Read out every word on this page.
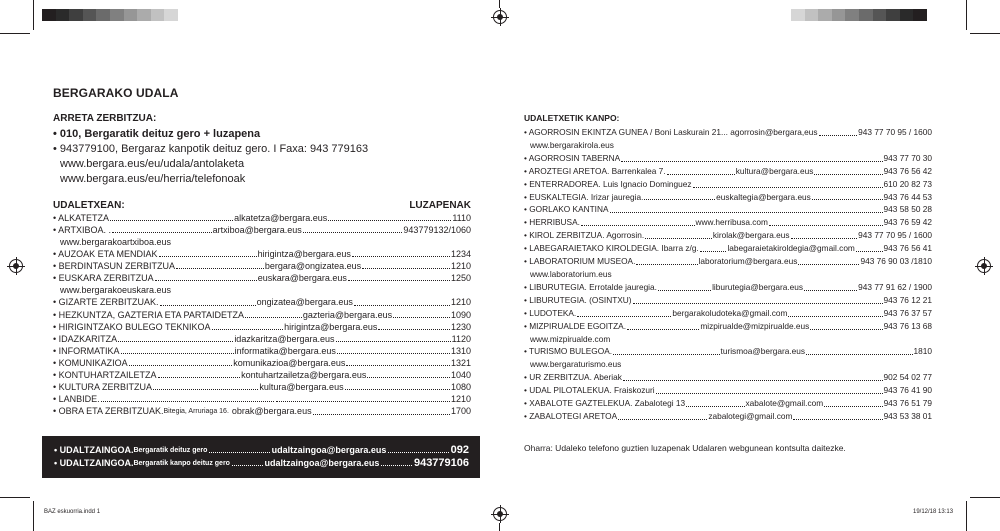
BAZ eskuorria.indd 1	19/12/18 13:13
BERGARAKO UDALA
ARRETA ZERBITZUA:
• 010, Bergaratik deituz gero + luzapena
• 943779100, Bergaraz kanpotik deituz gero. I Faxa: 943 779163
www.bergara.eus/eu/udala/antolaketa
www.bergara.eus/eu/herria/telefonoak
UDALETXEAN:	LUZAPENAK
• ALKATETZA	alkatetza@bergara.eus	1110
• ARTXIBOA. .	artxiboa@bergara.eus	943779132/1060
www.bergarakoartxiboa.eus
• AUZOAK ETA MENDIAK	hirigintza@bergara.eus	1234
• BERDINTASUN ZERBITZUA	bergara@ongizatea.eus	1210
• EUSKARA ZERBITZUA	euskara@bergara.eus	1250
www.bergarakoeuskara.eus
• GIZARTE ZERBITZUAK.	ongizatea@bergara.eus	1210
• HEZKUNTZA, GAZTERIA ETA PARTAIDETZA	gazteria@bergara.eus	1090
• HIRIGINTZAKO BULEGO TEKNIKOA	hirigintza@bergara.eus	1230
• IDAZKARITZA	idazkaritza@bergara.eus	1120
• INFORMATIKA	informatika@bergara.eus	1310
• KOMUNIKAZIOA	komunikazioa@bergara.eus	1321
• KONTUHARTZAILETZA	kontuhartzailetza@bergara.eus	1040
• KULTURA ZERBITZUA	kultura@bergara.eus	1080
• LANBIDE.	1210
• OBRA ETA ZERBITZUAK. Bitegia, Arruriaga 16. obrak@bergara.eus	1700
• UDALTZAINGOA. Bergaratik deituz gero	udaltzaingoa@bergara.eus	092
• UDALTZAINGOA. Bergaratik kanpo deituz gero	udaltzaingoa@bergara.eus	943779106
UDALETXETIK KANPO:
• AGORROSIN EKINTZA GUNEA / Boni Laskurain 21... agorrosin@bergara,eus	943 77 70 95 / 1600
www.bergarakirola.eus
• AGORROSIN TABERNA	943 77 70 30
• AROZTEGI ARETOA. Barrenkalea 7.	kultura@bergara.eus	943 76 56 42
• ENTERRADOREA. Luis Ignacio Dominguez	610 20 82 73
• EUSKALTEGIA. Irizar jauregia.	euskaltegia@bergara.eus	943 76 44 53
• GORLAKO KANTINA	943 58 50 28
• HERRIBUSA.	www.herribusa.com	943 76 59 42
• KIROL ZERBITZUA. Agorrosin.	kirolak@bergara.eus	943 77 70 95 / 1600
• LABEGARAIETAKO KIROLDEGIA. Ibarra z/g.	labegaraietakiroldegia@gmail.com	943 76 56 41
• LABORATORIUM MUSEOA.	laboratorium@bergara.eus	943 76 90 03 /1810
www.laboratorium.eus
• LIBURUTEGIA. Errotalde jauregia.	liburutegia@bergara.eus	943 77 91 62 / 1900
• LIBURUTEGIA. (OSINTXU)	943 76 12 21
• LUDOTEKA.	bergarakoludoteka@gmail.com	943 76 37 57
• MIZPIRUALDE EGOITZA.	mizpirualde@mizpirualde.eus	943 76 13 68
www.mizpirualde.com
• TURISMO BULEGOA.	turismoa@bergara.eus	1810
www.bergaraturismo.eus
• UR ZERBITZUA. Aberiak	902 54 02 77
• UDAL PILOTALEKUA. Fraiskozuri	943 76 41 90
• XABALOTE GAZTELEKUA. Zabalotegi 13	xabalote@gmail.com	943 76 51 79
• ZABALOTEGI ARETOA	zabalotegi@gmail.com	943 53 38 01
Oharra: Udaleko telefono guztien luzapenak Udalaren webgunean kontsulta daitezke.
